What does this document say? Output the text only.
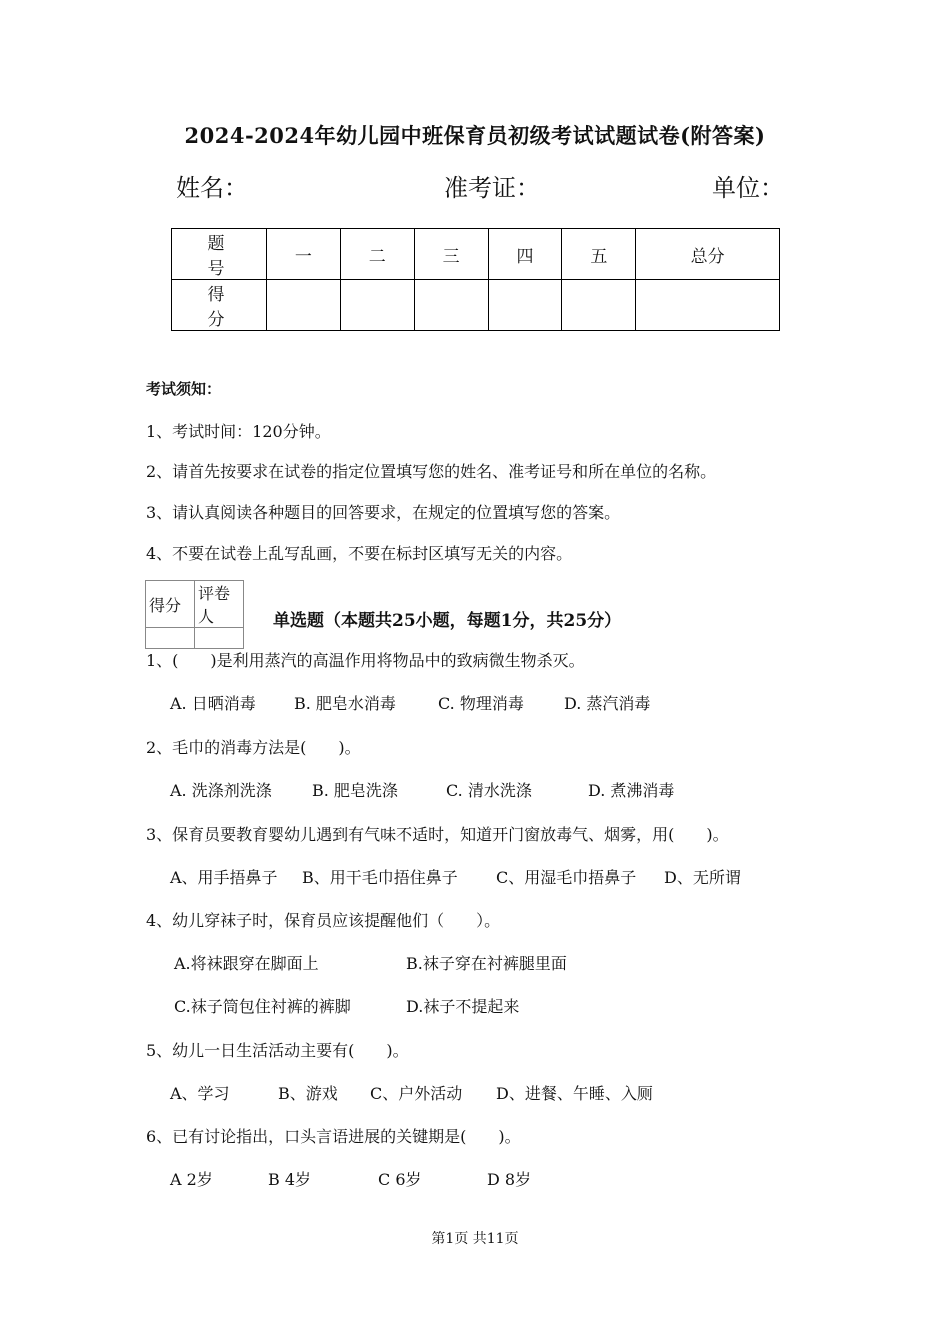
2024-2024年幼儿园中班保育员初级考试试题试卷(附答案)
姓名：	准考证：	单位：
题　号	一	二	三	四	五	总分
得　分						
考试须知：
1、考试时间：120分钟。
2、请首先按要求在试卷的指定位置填写您的姓名、准考证号和所在单位的名称。
3、请认真阅读各种题目的回答要求，在规定的位置填写您的答案。
4、不要在试卷上乱写乱画，不要在标封区填写无关的内容。
得分	评卷人
		单选题（本题共25小题，每题1分，共25分）
1、(　　)是利用蒸汽的高温作用将物品中的致病微生物杀灭。
A. 日晒消毒 B. 肥皂水消毒	C. 物理消毒	D. 蒸汽消毒
2、毛巾的消毒方法是(　　)。
A. 洗涤剂洗涤	B. 肥皂洗涤	C. 清水洗涤	D. 煮沸消毒
3、保育员要教育婴幼儿遇到有气味不适时，知道开门窗放毒气、烟雾，用(　　)。
A、用手捂鼻子 B、用干毛巾捂住鼻子 C、用湿毛巾捂鼻子 D、无所谓
4、幼儿穿袜子时，保育员应该提醒他们（　　）。
A.将袜跟穿在脚面上	B.袜子穿在衬裤腿里面
C.袜子筒包住衬裤的裤脚	D.袜子不提起来
5、幼儿一日生活活动主要有(　　)。
A、学习	B、游戏 C、户外活动 D、进餐、午睡、入厕
6、已有讨论指出，口头言语进展的关键期是(　　)。
A 2岁	B 4岁	C 6岁	D 8岁
第1页 共11页
